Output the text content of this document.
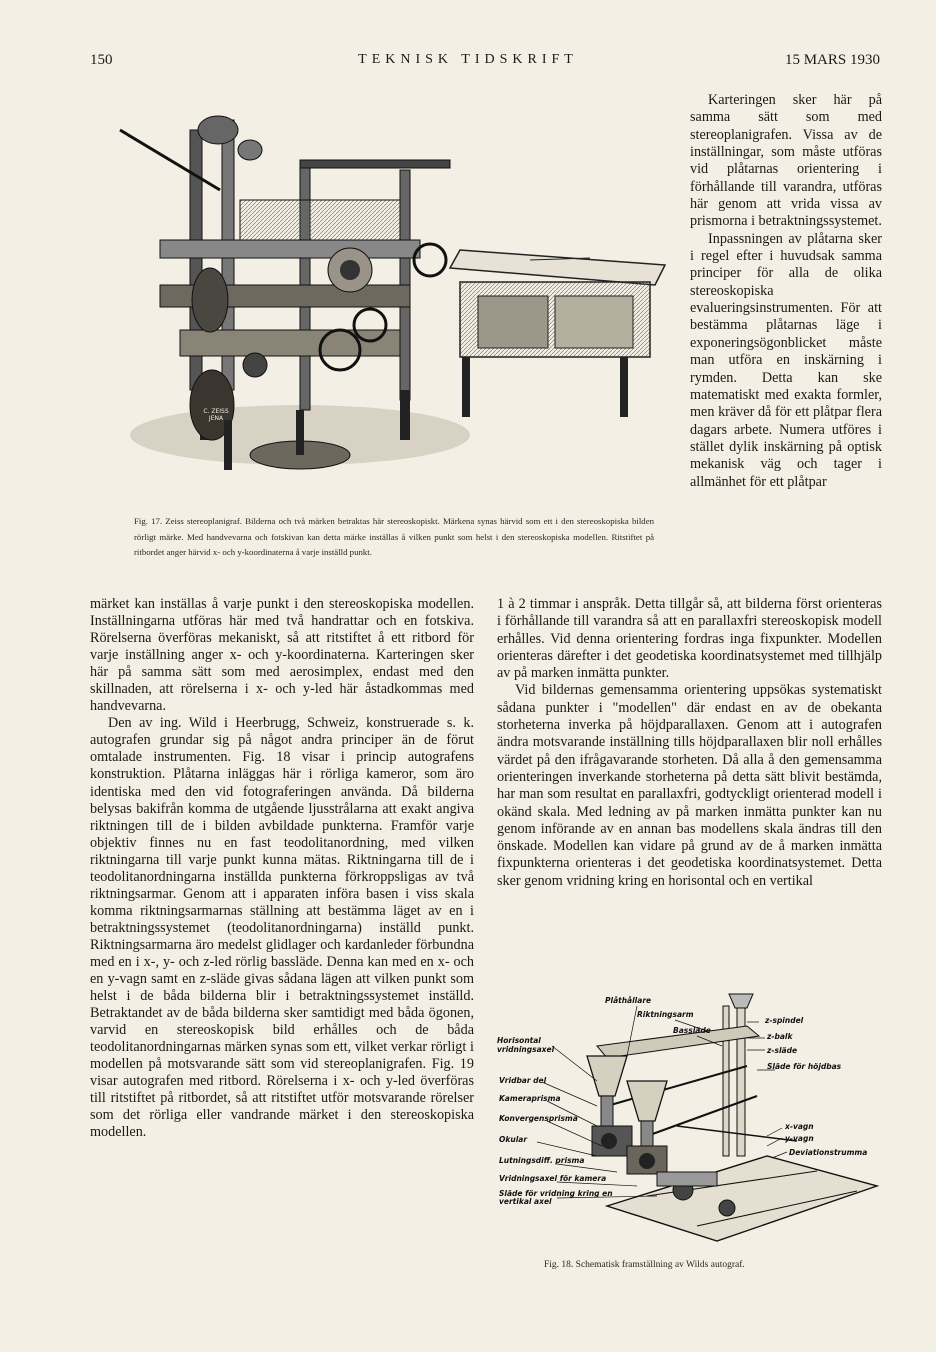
150	TEKNISK TIDSKRIFT	15 MARS 1930
C. ZEISS JENA
Fig. 17. Zeiss stereoplanigraf. Bilderna och två märken betraktas här stereoskopiskt. Märkena synas härvid som ett i den stereoskopiska bilden rörligt märke. Med handvevarna och fotskivan kan detta märke inställas å vilken punkt som helst i den stereoskopiska modellen. Ritstiftet på ritbordet anger härvid x- och y-koordinaterna å varje inställd punkt.

Karteringen sker här på samma sätt som med stereoplanigrafen. Vissa av de inställningar, som måste utföras vid plåtarnas orientering i förhållande till varandra, utföras här genom att vrida vissa av prismorna i betraktningssystemet.

Inpassningen av plåtarna sker i regel efter i huvudsak samma principer för alla de olika stereoskopiska evalueringsinstrumenten. För att bestämma plåtarnas läge i exponeringsögonblicket måste man utföra en inskärning i rymden. Detta kan ske matematiskt med exakta formler, men kräver då för ett plåtpar flera dagars arbete. Numera utföres i stället dylik inskärning på optisk mekanisk väg och tager i allmänhet för ett plåtpar

märket kan inställas å varje punkt i den stereoskopiska modellen. Inställningarna utföras här med två handrattar och en fotskiva. Rörelserna överföras mekaniskt, så att ritstiftet å ett ritbord för varje inställning anger x- och y-koordinaterna. Karteringen sker här på samma sätt som med aerosimplex, endast med den skillnaden, att rörelserna i x- och y-led här åstadkommas med handvevarna.

Den av ing. Wild i Heerbrugg, Schweiz, konstruerade s. k. autografen grundar sig på något andra principer än de förut omtalade instrumenten. Fig. 18 visar i princip autografens konstruktion. Plåtarna inläggas här i rörliga kameror, som äro identiska med den vid fotograferingen använda. Då bilderna belysas bakifrån komma de utgående ljusstrålarna att exakt angiva riktningen till de i bilden avbildade punkterna. Framför varje objektiv finnes nu en fast teodolitanordning, med vilken riktningarna till varje punkt kunna mätas. Riktningarna till de i teodolitanordningarna inställda punkterna förkroppsligas av två riktningsarmar. Genom att i apparaten införa basen i viss skala komma riktningsarmarnas ställning att bestämma läget av en i betraktningssystemet (teodolitanordningarna) inställd punkt. Riktningsarmarna äro medelst glidlager och kardanleder förbundna med en i x-, y- och z-led rörlig bassläde. Denna kan med en x- och en y-vagn samt en z-släde givas sådana lägen att vilken punkt som helst i de båda bilderna blir i betraktningssystemet inställd. Betraktandet av de båda bilderna sker samtidigt med båda ögonen, varvid en stereoskopisk bild erhålles och de båda teodolitanordningarnas märken synas som ett, vilket verkar rörligt i modellen på motsvarande sätt som vid stereoplanigrafen. Fig. 19 visar autografen med ritbord. Rörelserna i x- och y-led överföras till ritstiftet på ritbordet, så att ritstiftet utför motsvarande rörelser som det rörliga eller vandrande märket i den stereoskopiska modellen.

1 à 2 timmar i anspråk. Detta tillgår så, att bilderna först orienteras i förhållande till varandra så att en parallaxfri stereoskopisk modell erhålles. Vid denna orientering fordras inga fixpunkter. Modellen orienteras därefter i det geodetiska koordinatsystemet med tillhjälp av på marken inmätta punkter.

Vid bildernas gemensamma orientering uppsökas systematiskt sådana punkter i "modellen" där endast en av de obekanta storheterna inverka på höjdparallaxen. Genom att i autografen ändra motsvarande inställning tills höjdparallaxen blir noll erhålles värdet på den ifrågavarande storheten. Då alla å den gemensamma orienteringen inverkande storheterna på detta sätt blivit bestämda, har man som resultat en parallaxfri, godtyckligt orienterad modell i okänd skala. Med ledning av på marken inmätta punkter kan nu genom införande av en annan bas modellens skala ändras till den önskade. Modellen kan vidare på grund av de å marken inmätta fixpunkterna orienteras i det geodetiska koordinatsystemet. Detta sker genom vridning kring en horisontal och en vertikal

Plåthållare
Riktningsarm
Bassläde
Horisontal vridningsaxel
Vridbar del
Kameraprisma
Konvergensprisma
Okular
Lutningsdiff. prisma
Vridningsaxel för kamera
Släde för vridning kring en vertikal axel
z-spindel
z-balk
z-släde
Släde för höjdbas
x-vagn
y-vagn
Deviationstrumma
Fig. 18. Schematisk framställning av Wilds autograf.
